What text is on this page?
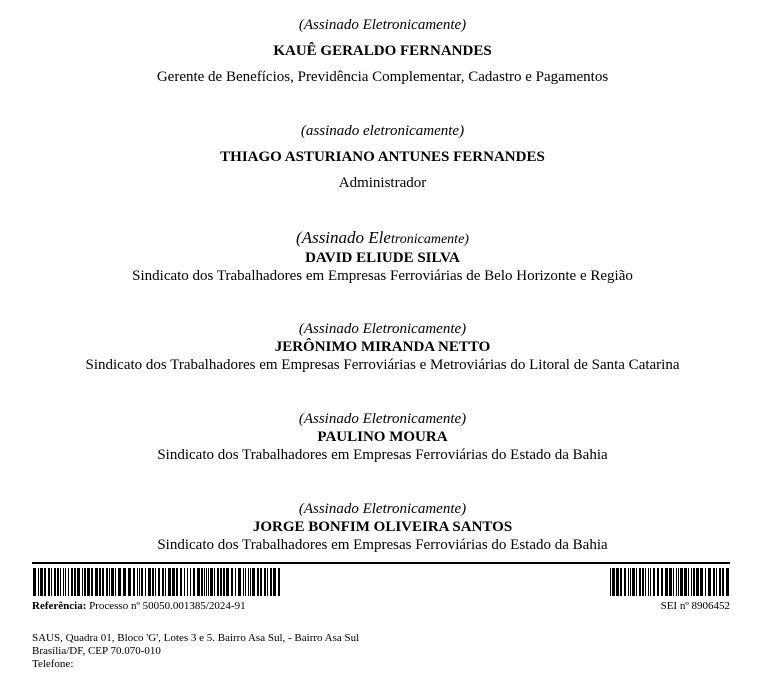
(Assinado Eletronicamente)
KAUÊ GERALDO FERNANDES
Gerente de Benefícios, Previdência Complementar, Cadastro e Pagamentos
(assinado eletronicamente)
THIAGO ASTURIANO ANTUNES FERNANDES
Administrador
(Assinado Eletronicamente)
DAVID ELIUDE SILVA
Sindicato dos Trabalhadores em Empresas Ferroviárias de Belo Horizonte e Região
(Assinado Eletronicamente)
JERÔNIMO MIRANDA NETTO
Sindicato dos Trabalhadores em Empresas Ferroviárias e Metroviárias do Litoral de Santa Catarina
(Assinado Eletronicamente)
PAULINO MOURA
Sindicato dos Trabalhadores em Empresas Ferroviárias do Estado da Bahia
(Assinado Eletronicamente)
JORGE BONFIM OLIVEIRA SANTOS
Sindicato dos Trabalhadores em Empresas Ferroviárias do Estado da Bahia
Referência: Processo nº 50050.001385/2024-91	SEI nº 8906452
SAUS, Quadra 01, Bloco 'G', Lotes 3 e 5. Bairro Asa Sul, - Bairro Asa Sul
Brasília/DF, CEP 70.070-010
Telefone:
